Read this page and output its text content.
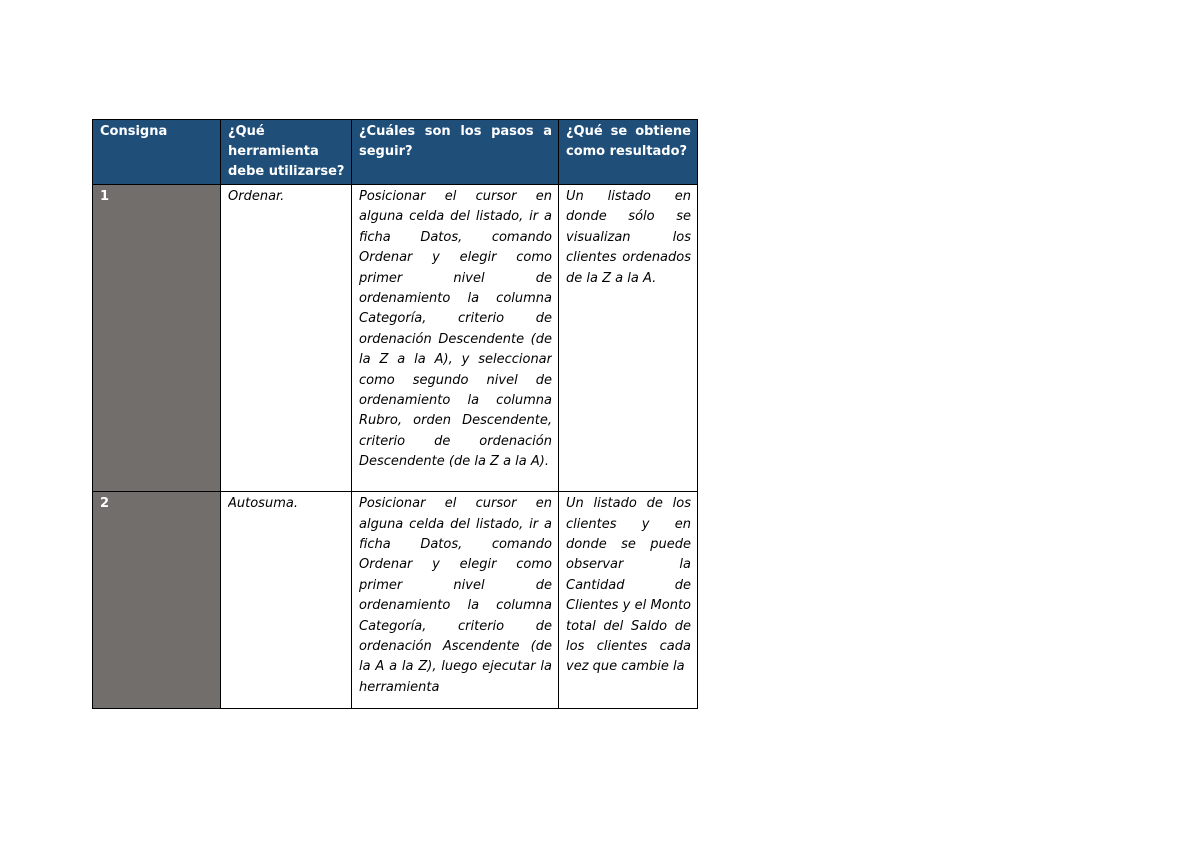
Consigna	¿Qué herramienta debe utilizarse?	¿Cuáles son los pasos a seguir?	¿Qué se obtiene como resultado?

1	Ordenar.	Posicionar el cursor en alguna celda del listado, ir a ficha Datos, comando Ordenar y elegir como primer nivel de ordenamiento la columna Categoría, criterio de ordenación Descendente (de la Z a la A), y seleccionar como segundo nivel de ordenamiento la columna Rubro, orden Descendente, criterio de ordenación Descendente (de la Z a la A).	Un listado en donde sólo se visualizan los clientes ordenados de la Z a la A.

2	Autosuma.	Posicionar el cursor en alguna celda del listado, ir a ficha Datos, comando Ordenar y elegir como primer nivel de ordenamiento la columna Categoría, criterio de ordenación Ascendente (de la A a la Z), luego ejecutar la herramienta	Un listado de los clientes y en donde se puede observar la Cantidad de Clientes y el Monto total del Saldo de los clientes cada vez que cambie la
